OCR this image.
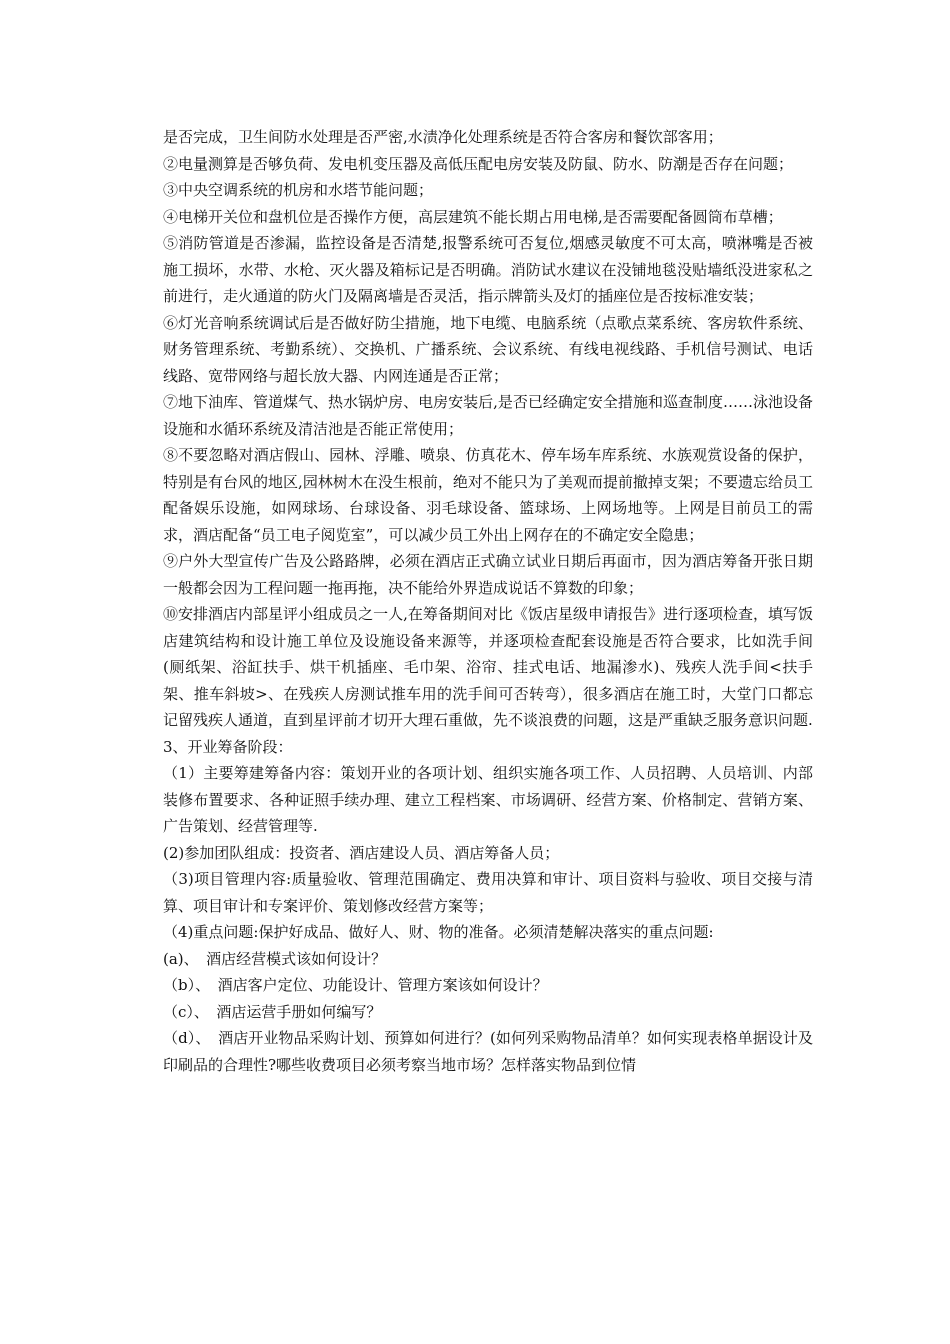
是否完成，卫生间防水处理是否严密,水渍净化处理系统是否符合客房和餐饮部客用；

②电量测算是否够负荷、发电机变压器及高低压配电房安装及防鼠、防水、防潮是否存在问题；

③中央空调系统的机房和水塔节能问题；

④电梯开关位和盘机位是否操作方便，高层建筑不能长期占用电梯,是否需要配备圆筒布草槽；

⑤消防管道是否渗漏，监控设备是否清楚,报警系统可否复位,烟感灵敏度不可太高，喷淋嘴是否被施工损坏，水带、水枪、灭火器及箱标记是否明确。消防试水建议在没铺地毯没贴墙纸没进家私之前进行，走火通道的防火门及隔离墙是否灵活，指示牌箭头及灯的插座位是否按标准安装；

⑥灯光音响系统调试后是否做好防尘措施，地下电缆、电脑系统（点歌点菜系统、客房软件系统、财务管理系统、考勤系统）、交换机、广播系统、会议系统、有线电视线路、手机信号测试、电话线路、宽带网络与超长放大器、内网连通是否正常；

⑦地下油库、管道煤气、热水锅炉房、电房安装后,是否已经确定安全措施和巡查制度……泳池设备设施和水循环系统及清洁池是否能正常使用；

⑧不要忽略对酒店假山、园林、浮雕、喷泉、仿真花木、停车场车库系统、水族观赏设备的保护，特别是有台风的地区,园林树木在没生根前，绝对不能只为了美观而提前撤掉支架；不要遗忘给员工配备娱乐设施，如网球场、台球设备、羽毛球设备、篮球场、上网场地等。上网是目前员工的需求，酒店配备“员工电子阅览室”，可以减少员工外出上网存在的不确定安全隐患；

⑨户外大型宣传广告及公路路牌，必须在酒店正式确立试业日期后再面市，因为酒店筹备开张日期一般都会因为工程问题一拖再拖，决不能给外界造成说话不算数的印象；

⑩安排酒店内部星评小组成员之一人,在筹备期间对比《饭店星级申请报告》进行逐项检查，填写饭店建筑结构和设计施工单位及设施设备来源等，并逐项检查配套设施是否符合要求，比如洗手间(厕纸架、浴缸扶手、烘干机插座、毛巾架、浴帘、挂式电话、地漏渗水)、残疾人洗手间<扶手架、推车斜坡>、在残疾人房测试推车用的洗手间可否转弯），很多酒店在施工时，大堂门口都忘记留残疾人通道，直到星评前才切开大理石重做，先不谈浪费的问题，这是严重缺乏服务意识问题.

3、开业筹备阶段：

（1）主要筹建筹备内容：策划开业的各项计划、组织实施各项工作、人员招聘、人员培训、内部装修布置要求、各种证照手续办理、建立工程档案、市场调研、经营方案、价格制定、营销方案、广告策划、经营管理等.

(2)参加团队组成：投资者、酒店建设人员、酒店筹备人员；

（3)项目管理内容:质量验收、管理范围确定、费用决算和审计、项目资料与验收、项目交接与清算、项目审计和专案评价、策划修改经营方案等；

（4)重点问题:保护好成品、做好人、财、物的准备。必须清楚解决落实的重点问题:

(a)、　酒店经营模式该如何设计？

（b）、　酒店客户定位、功能设计、管理方案该如何设计？

（c）、　酒店运营手册如何编写？

（d）、　酒店开业物品采购计划、预算如何进行？(如何列采购物品清单？如何实现表格单据设计及印刷品的合理性?哪些收费项目必须考察当地市场？怎样落实物品到位情
